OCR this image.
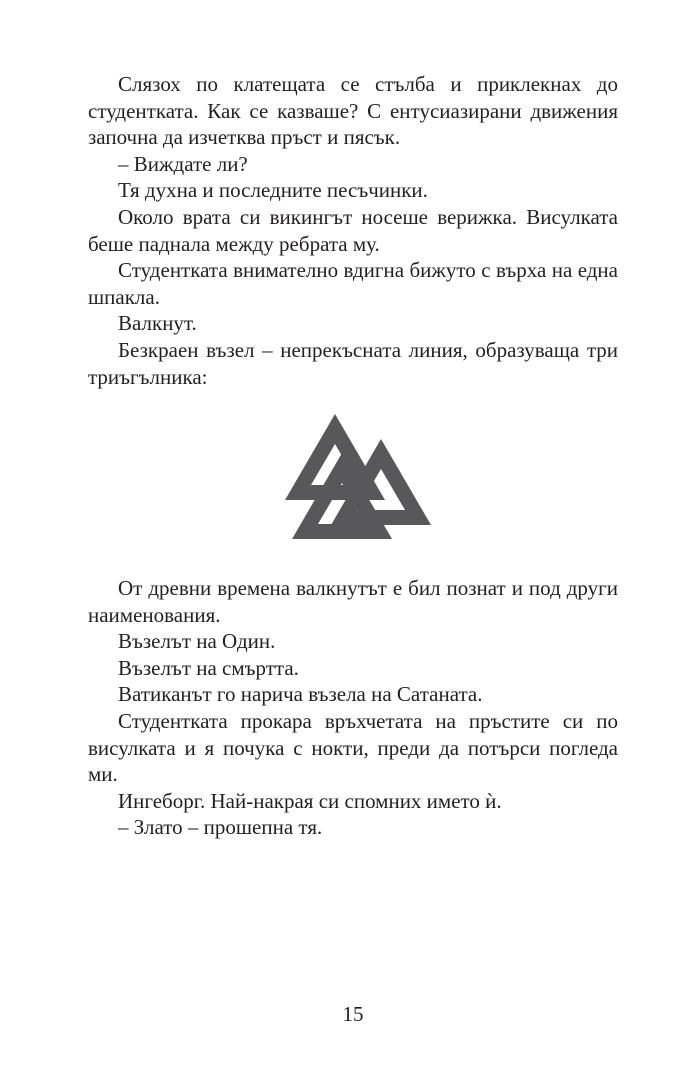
Слязох по клатещата се стълба и приклекнах до студентката. Как се казваше? С ентусиазирани движения започна да изчетква пръст и пясък.

– Виждате ли?

Тя духна и последните песъчинки.

Около врата си викингът носеше верижка. Висулката беше паднала между ребрата му.

Студентката внимателно вдигна бижуто с върха на една шпакла.

Валкнут.

Безкраен възел – непрекъсната линия, образуваща три триъгълника:

От древни времена валкнутът е бил познат и под други наименования.

Възелът на Один.

Възелът на смъртта.

Ватиканът го нарича възела на Сатаната.

Студентката прокара връхчетата на пръстите си по висулката и я почука с нокти, преди да потърси погледа ми.

Ингеборг. Най-накрая си спомних името ѝ.

– Злато – прошепна тя.

15
